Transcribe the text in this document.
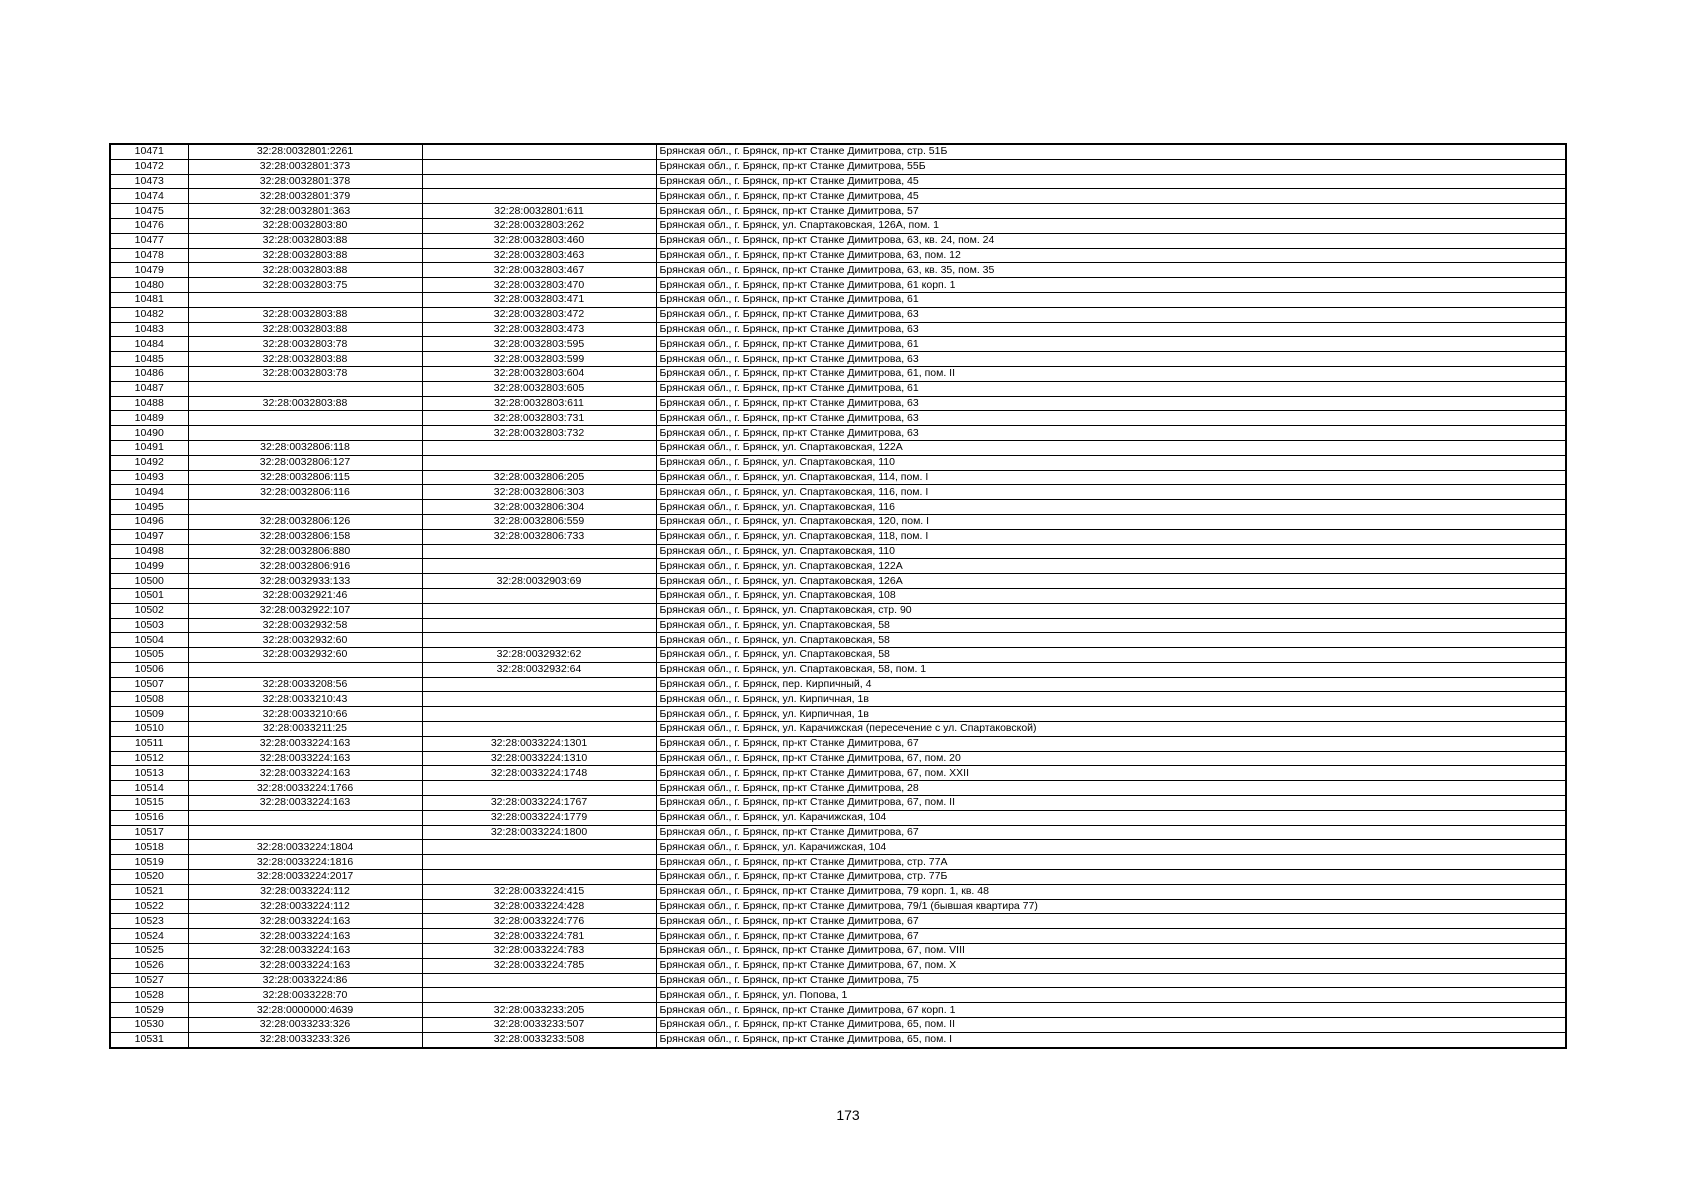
10471	32:28:0032801:2261		Брянская обл., г. Брянск, пр-кт Станке Димитрова, стр. 51Б
10472	32:28:0032801:373		Брянская обл., г. Брянск, пр-кт Станке Димитрова, 55Б
10473	32:28:0032801:378		Брянская обл., г. Брянск, пр-кт Станке Димитрова, 45
10474	32:28:0032801:379		Брянская обл., г. Брянск, пр-кт Станке Димитрова, 45
10475	32:28:0032801:363	32:28:0032801:611	Брянская обл., г. Брянск, пр-кт Станке Димитрова, 57
10476	32:28:0032803:80	32:28:0032803:262	Брянская обл., г. Брянск, ул. Спартаковская, 126А, пом. 1
10477	32:28:0032803:88	32:28:0032803:460	Брянская обл., г. Брянск, пр-кт Станке Димитрова, 63, кв. 24, пом. 24
10478	32:28:0032803:88	32:28:0032803:463	Брянская обл., г. Брянск, пр-кт Станке Димитрова, 63, пом. 12
10479	32:28:0032803:88	32:28:0032803:467	Брянская обл., г. Брянск, пр-кт Станке Димитрова, 63, кв. 35, пом. 35
10480	32:28:0032803:75	32:28:0032803:470	Брянская обл., г. Брянск, пр-кт Станке Димитрова, 61 корп. 1
10481		32:28:0032803:471	Брянская обл., г. Брянск, пр-кт Станке Димитрова, 61
10482	32:28:0032803:88	32:28:0032803:472	Брянская обл., г. Брянск, пр-кт Станке Димитрова, 63
10483	32:28:0032803:88	32:28:0032803:473	Брянская обл., г. Брянск, пр-кт Станке Димитрова, 63
10484	32:28:0032803:78	32:28:0032803:595	Брянская обл., г. Брянск, пр-кт Станке Димитрова, 61
10485	32:28:0032803:88	32:28:0032803:599	Брянская обл., г. Брянск, пр-кт Станке Димитрова, 63
10486	32:28:0032803:78	32:28:0032803:604	Брянская обл., г. Брянск, пр-кт Станке Димитрова, 61, пом. II
10487		32:28:0032803:605	Брянская обл., г. Брянск, пр-кт Станке Димитрова, 61
10488	32:28:0032803:88	32:28:0032803:611	Брянская обл., г. Брянск, пр-кт Станке Димитрова, 63
10489		32:28:0032803:731	Брянская обл., г. Брянск, пр-кт Станке Димитрова, 63
10490		32:28:0032803:732	Брянская обл., г. Брянск, пр-кт Станке Димитрова, 63
10491	32:28:0032806:118		Брянская обл., г. Брянск, ул. Спартаковская, 122А
10492	32:28:0032806:127		Брянская обл., г. Брянск, ул. Спартаковская, 110
10493	32:28:0032806:115	32:28:0032806:205	Брянская обл., г. Брянск, ул. Спартаковская, 114, пом. I
10494	32:28:0032806:116	32:28:0032806:303	Брянская обл., г. Брянск, ул. Спартаковская, 116, пом. I
10495		32:28:0032806:304	Брянская обл., г. Брянск, ул. Спартаковская, 116
10496	32:28:0032806:126	32:28:0032806:559	Брянская обл., г. Брянск, ул. Спартаковская, 120, пом. I
10497	32:28:0032806:158	32:28:0032806:733	Брянская обл., г. Брянск, ул. Спартаковская, 118, пом. I
10498	32:28:0032806:880		Брянская обл., г. Брянск, ул. Спартаковская, 110
10499	32:28:0032806:916		Брянская обл., г. Брянск, ул. Спартаковская, 122А
10500	32:28:0032933:133	32:28:0032903:69	Брянская обл., г. Брянск, ул. Спартаковская, 126А
10501	32:28:0032921:46		Брянская обл., г. Брянск, ул. Спартаковская, 108
10502	32:28:0032922:107		Брянская обл., г. Брянск, ул. Спартаковская, стр. 90
10503	32:28:0032932:58		Брянская обл., г. Брянск, ул. Спартаковская, 58
10504	32:28:0032932:60		Брянская обл., г. Брянск, ул. Спартаковская, 58
10505	32:28:0032932:60	32:28:0032932:62	Брянская обл., г. Брянск, ул. Спартаковская, 58
10506		32:28:0032932:64	Брянская обл., г. Брянск, ул. Спартаковская, 58, пом. 1
10507	32:28:0033208:56		Брянская обл., г. Брянск, пер. Кирпичный, 4
10508	32:28:0033210:43		Брянская обл., г. Брянск, ул. Кирпичная, 1в
10509	32:28:0033210:66		Брянская обл., г. Брянск, ул. Кирпичная, 1в
10510	32:28:0033211:25		Брянская обл., г. Брянск, ул. Карачижская (пересечение с ул. Спартаковской)
10511	32:28:0033224:163	32:28:0033224:1301	Брянская обл., г. Брянск, пр-кт Станке Димитрова, 67
10512	32:28:0033224:163	32:28:0033224:1310	Брянская обл., г. Брянск, пр-кт Станке Димитрова, 67, пом. 20
10513	32:28:0033224:163	32:28:0033224:1748	Брянская обл., г. Брянск, пр-кт Станке Димитрова, 67, пом. XXII
10514	32:28:0033224:1766		Брянская обл., г. Брянск, пр-кт Станке Димитрова, 28
10515	32:28:0033224:163	32:28:0033224:1767	Брянская обл., г. Брянск, пр-кт Станке Димитрова, 67, пом. II
10516		32:28:0033224:1779	Брянская обл., г. Брянск, ул. Карачижская, 104
10517		32:28:0033224:1800	Брянская обл., г. Брянск, пр-кт Станке Димитрова, 67
10518	32:28:0033224:1804		Брянская обл., г. Брянск, ул. Карачижская, 104
10519	32:28:0033224:1816		Брянская обл., г. Брянск, пр-кт Станке Димитрова, стр. 77А
10520	32:28:0033224:2017		Брянская обл., г. Брянск, пр-кт Станке Димитрова, стр. 77Б
10521	32:28:0033224:112	32:28:0033224:415	Брянская обл., г. Брянск, пр-кт Станке Димитрова, 79 корп. 1, кв. 48
10522	32:28:0033224:112	32:28:0033224:428	Брянская обл., г. Брянск, пр-кт Станке Димитрова, 79/1 (бывшая квартира 77)
10523	32:28:0033224:163	32:28:0033224:776	Брянская обл., г. Брянск, пр-кт Станке Димитрова, 67
10524	32:28:0033224:163	32:28:0033224:781	Брянская обл., г. Брянск, пр-кт Станке Димитрова, 67
10525	32:28:0033224:163	32:28:0033224:783	Брянская обл., г. Брянск, пр-кт Станке Димитрова, 67, пом. VIII
10526	32:28:0033224:163	32:28:0033224:785	Брянская обл., г. Брянск, пр-кт Станке Димитрова, 67, пом. X
10527	32:28:0033224:86		Брянская обл., г. Брянск, пр-кт Станке Димитрова, 75
10528	32:28:0033228:70		Брянская обл., г. Брянск, ул. Попова, 1
10529	32:28:0000000:4639	32:28:0033233:205	Брянская обл., г. Брянск, пр-кт Станке Димитрова, 67 корп. 1
10530	32:28:0033233:326	32:28:0033233:507	Брянская обл., г. Брянск, пр-кт Станке Димитрова, 65, пом. II
10531	32:28:0033233:326	32:28:0033233:508	Брянская обл., г. Брянск, пр-кт Станке Димитрова, 65, пом. I
173
